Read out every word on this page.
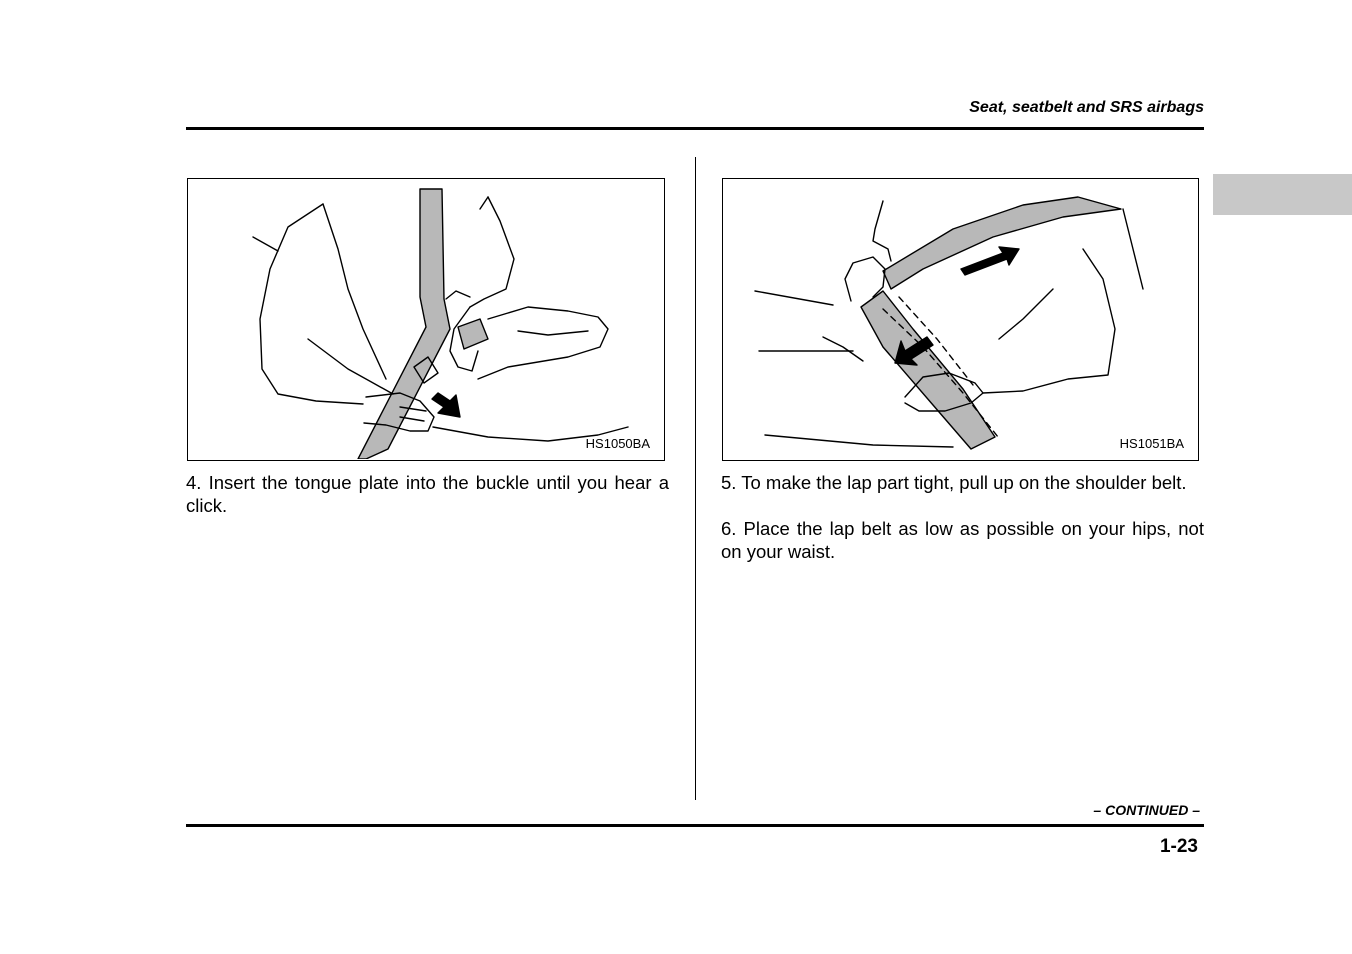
Seat, seatbelt and SRS airbags
HS1050BA	HS1051BA

4. Insert the tongue plate into the buckle until you hear a click.

5. To make the lap part tight, pull up on the shoulder belt.

6. Place the lap belt as low as possible on your hips, not on your waist.

– CONTINUED –
1-23
